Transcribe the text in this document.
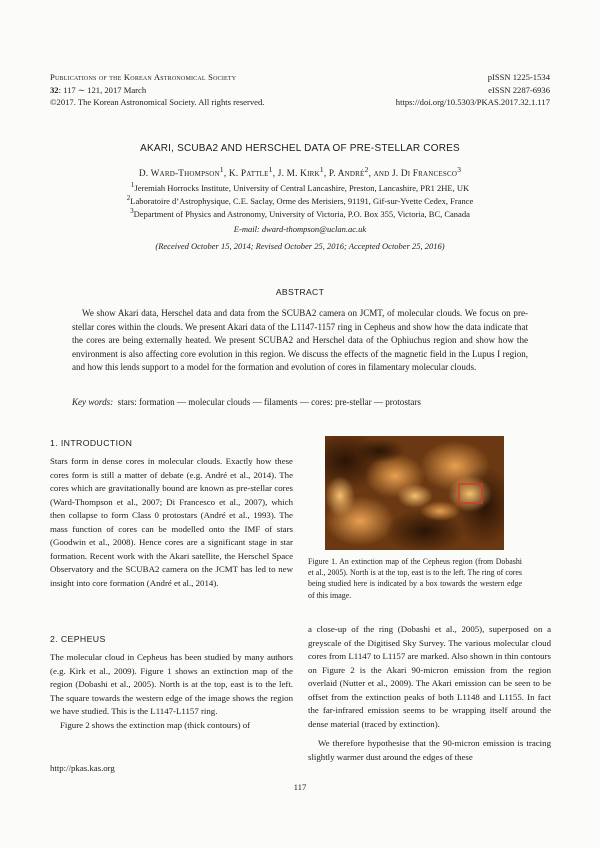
Publications of the Korean Astronomical Society
32: 117 ∼ 121, 2017 March
©2017. The Korean Astronomical Society. All rights reserved.
pISSN 1225-1534
eISSN 2287-6936
https://doi.org/10.5303/PKAS.2017.32.1.117
AKARI, SCUBA2 AND HERSCHEL DATA OF PRE-STELLAR CORES
D. Ward-Thompson$^1$, K. Pattle$^1$, J. M. Kirk$^1$, P. André$^2$, and J. Di Francesco$^3$
$^1$Jeremiah Horrocks Institute, University of Central Lancashire, Preston, Lancashire, PR1 2HE, UK
$^2$Laboratoire d’Astrophysique, C.E. Saclay, Orme des Merisiers, 91191, Gif-sur-Yvette Cedex, France
$^3$Department of Physics and Astronomy, University of Victoria, P.O. Box 355, Victoria, BC, Canada
E-mail: dward-thompson@uclan.ac.uk
(Received October 15, 2014; Revised October 25, 2016; Accepted October 25, 2016)
ABSTRACT
We show Akari data, Herschel data and data from the SCUBA2 camera on JCMT, of molecular clouds. We focus on pre-stellar cores within the clouds. We present Akari data of the L1147-1157 ring in Cepheus and show how the data indicate that the cores are being externally heated. We present SCUBA2 and Herschel data of the Ophiuchus region and show how the environment is also affecting core evolution in this region. We discuss the effects of the magnetic field in the Lupus I region, and how this lends support to a model for the formation and evolution of cores in filamentary molecular clouds.
Key words: stars: formation — molecular clouds — filaments — cores: pre-stellar — protostars
1. INTRODUCTION

Stars form in dense cores in molecular clouds. Exactly how these cores form is still a matter of debate (e.g. André et al., 2014). The cores which are gravitationally bound are known as pre-stellar cores (Ward-Thompson et al., 2007; Di Francesco et al., 2007), which then collapse to form Class 0 protostars (André et al., 1993). The mass function of cores can be modelled onto the IMF of stars (Goodwin et al., 2008). Hence cores are a significant stage in star formation. Recent work with the Akari satellite, the Herschel Space Observatory and the SCUBA2 camera on the JCMT has led to new insight into core formation (André et al., 2014).

2. CEPHEUS

The molecular cloud in Cepheus has been studied by many authors (e.g. Kirk et al., 2009). Figure 1 shows an extinction map of the region (Dobashi et al., 2005). North is at the top, east is to the left. The square towards the western edge of the image shows the region we have studied. This is the L1147-L1157 ring.

Figure 2 shows the extinction map (thick contours) of

Figure 1. An extinction map of the Cepheus region (from Dobashi et al., 2005). North is at the top, east is to the left. The ring of cores being studied here is indicated by a box towards the western edge of this image.

a close-up of the ring (Dobashi et al., 2005), superposed on a greyscale of the Digitised Sky Survey. The various molecular cloud cores from L1147 to L1157 are marked. Also shown in thin contours on Figure 2 is the Akari 90-micron emission from the region overlaid (Nutter et al., 2009). The Akari emission can be seen to be offset from the extinction peaks of both L1148 and L1155. In fact the far-infrared emission seems to be wrapping itself around the dense material (traced by extinction).

We therefore hypothesise that the 90-micron emission is tracing slightly warmer dust around the edges of these

http://pkas.kas.org
117
